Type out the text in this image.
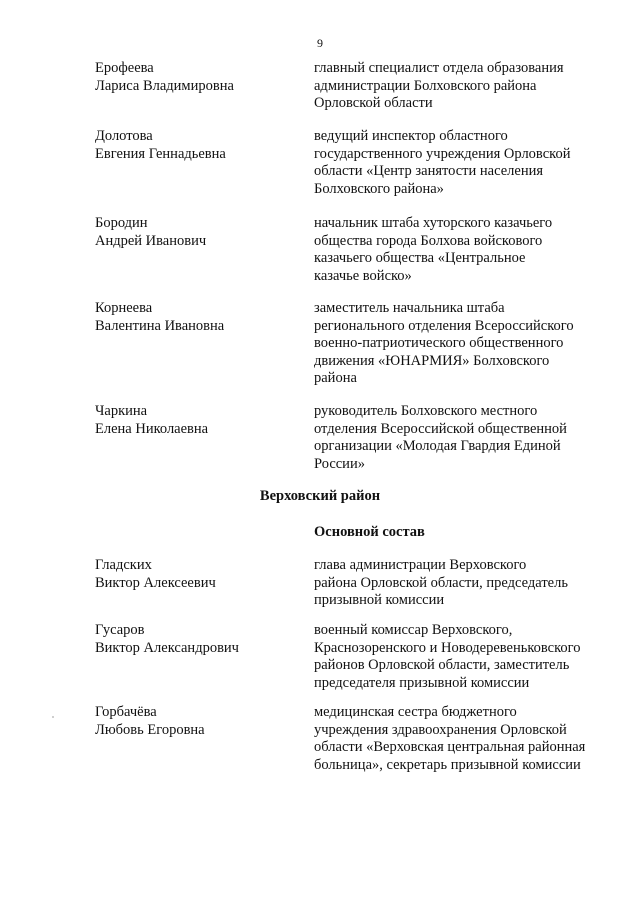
9
Ерофеева
Лариса Владимировна
главный специалист отдела образования
администрации Болховского района
Орловской области
Долотова
Евгения Геннадьевна
ведущий инспектор областного
государственного учреждения Орловской
области «Центр занятости населения
Болховского района»
Бородин
Андрей Иванович
начальник штаба хуторского казачьего
общества города Болхова войскового
казачьего общества «Центральное
казачье войско»
Корнеева
Валентина Ивановна
заместитель начальника штаба
регионального отделения Всероссийского
военно-патриотического общественного
движения «ЮНАРМИЯ» Болховского
района
Чаркина
Елена Николаевна
руководитель Болховского местного
отделения Всероссийской общественной
организации «Молодая Гвардия Единой
России»
Верховский район
Основной состав
Гладских
Виктор Алексеевич
глава администрации Верховского
района Орловской области, председатель
призывной комиссии
Гусаров
Виктор Александрович
военный комиссар Верховского,
Краснозоренского и Новодеревеньковского
районов Орловской области, заместитель
председателя призывной комиссии
Горбачёва
Любовь Егоровна
медицинская сестра бюджетного
учреждения здравоохранения Орловской
области «Верховская центральная районная
больница», секретарь призывной комиссии
